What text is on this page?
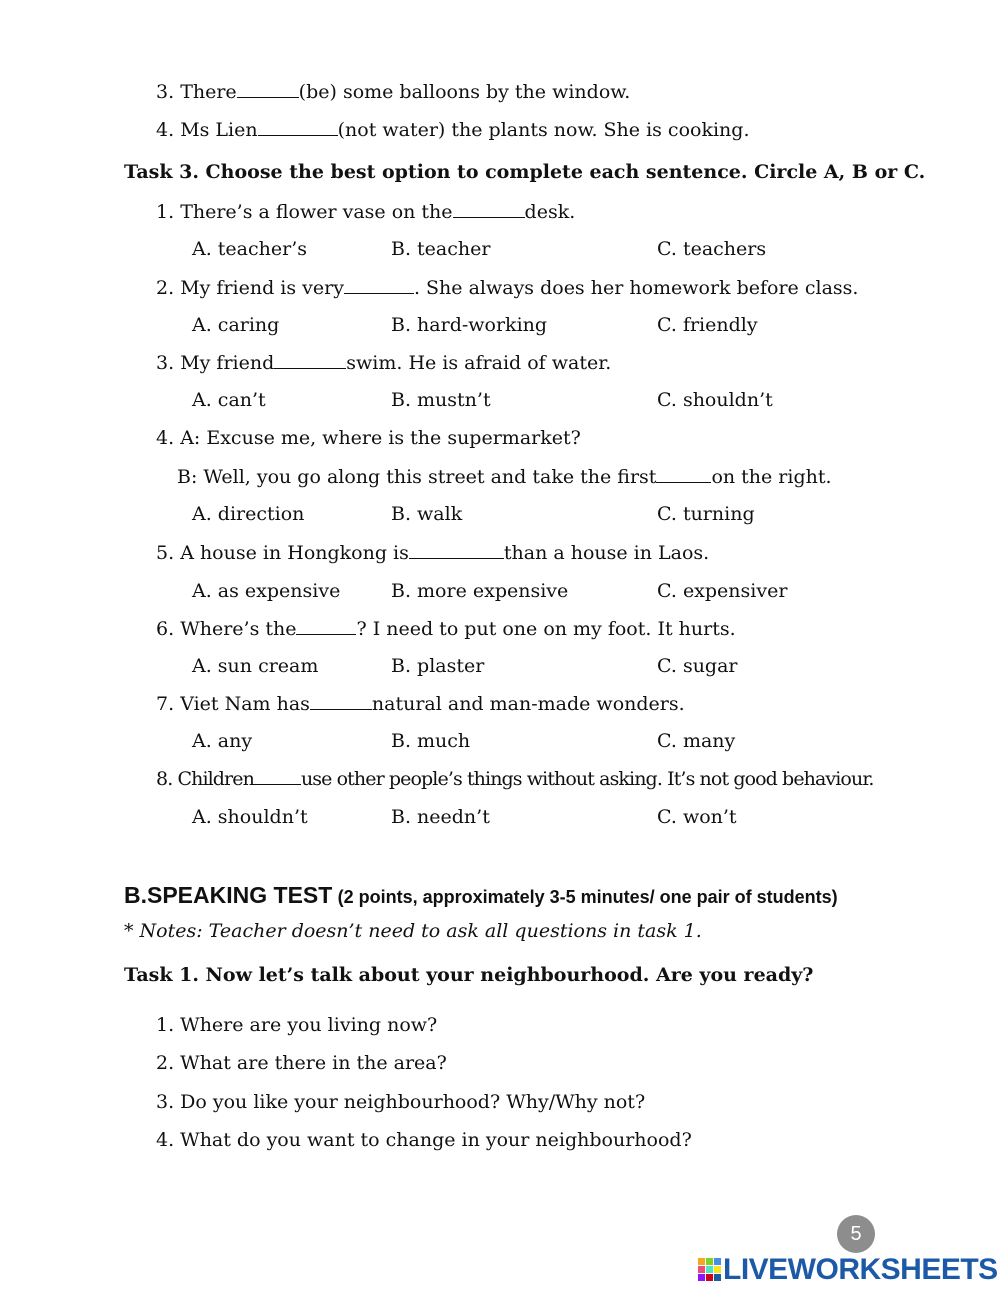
3. There	(be) some balloons by the window.
4. Ms Lien	(not water) the plants now. She is cooking.
Task 3. Choose the best option to complete each sentence. Circle A, B or C.
1. There’s a flower vase on the	desk.
A. teacher’s	B. teacher	C. teachers
2. My friend is very	. She always does her homework before class.
A. caring	B. hard-working	C. friendly
3. My friend	swim. He is afraid of water.
A. can’t	B. mustn’t	C. shouldn’t
4. A: Excuse me, where is the supermarket?
B: Well, you go along this street and take the first	on the right.
A. direction	B. walk	C. turning
5. A house in Hongkong is	than a house in Laos.
A. as expensive	B. more expensive	C. expensiver
6. Where’s the	? I need to put one on my foot. It hurts.
A. sun cream	B. plaster	C. sugar
7. Viet Nam has	natural and man-made wonders.
A. any	B. much	C. many
8. Children use other people’s things without asking. It’s not good behaviour.
A. shouldn’t	B. needn’t	C. won’t
B.SPEAKING TEST (2 points, approximately 3-5 minutes/ one pair of students)
* Notes: Teacher doesn’t need to ask all questions in task 1.
Task 1. Now let’s talk about your neighbourhood. Are you ready?
1. Where are you living now?
2. What are there in the area?
3. Do you like your neighbourhood? Why/Why not?
4. What do you want to change in your neighbourhood?
5
LIVEWORKSHEETS
